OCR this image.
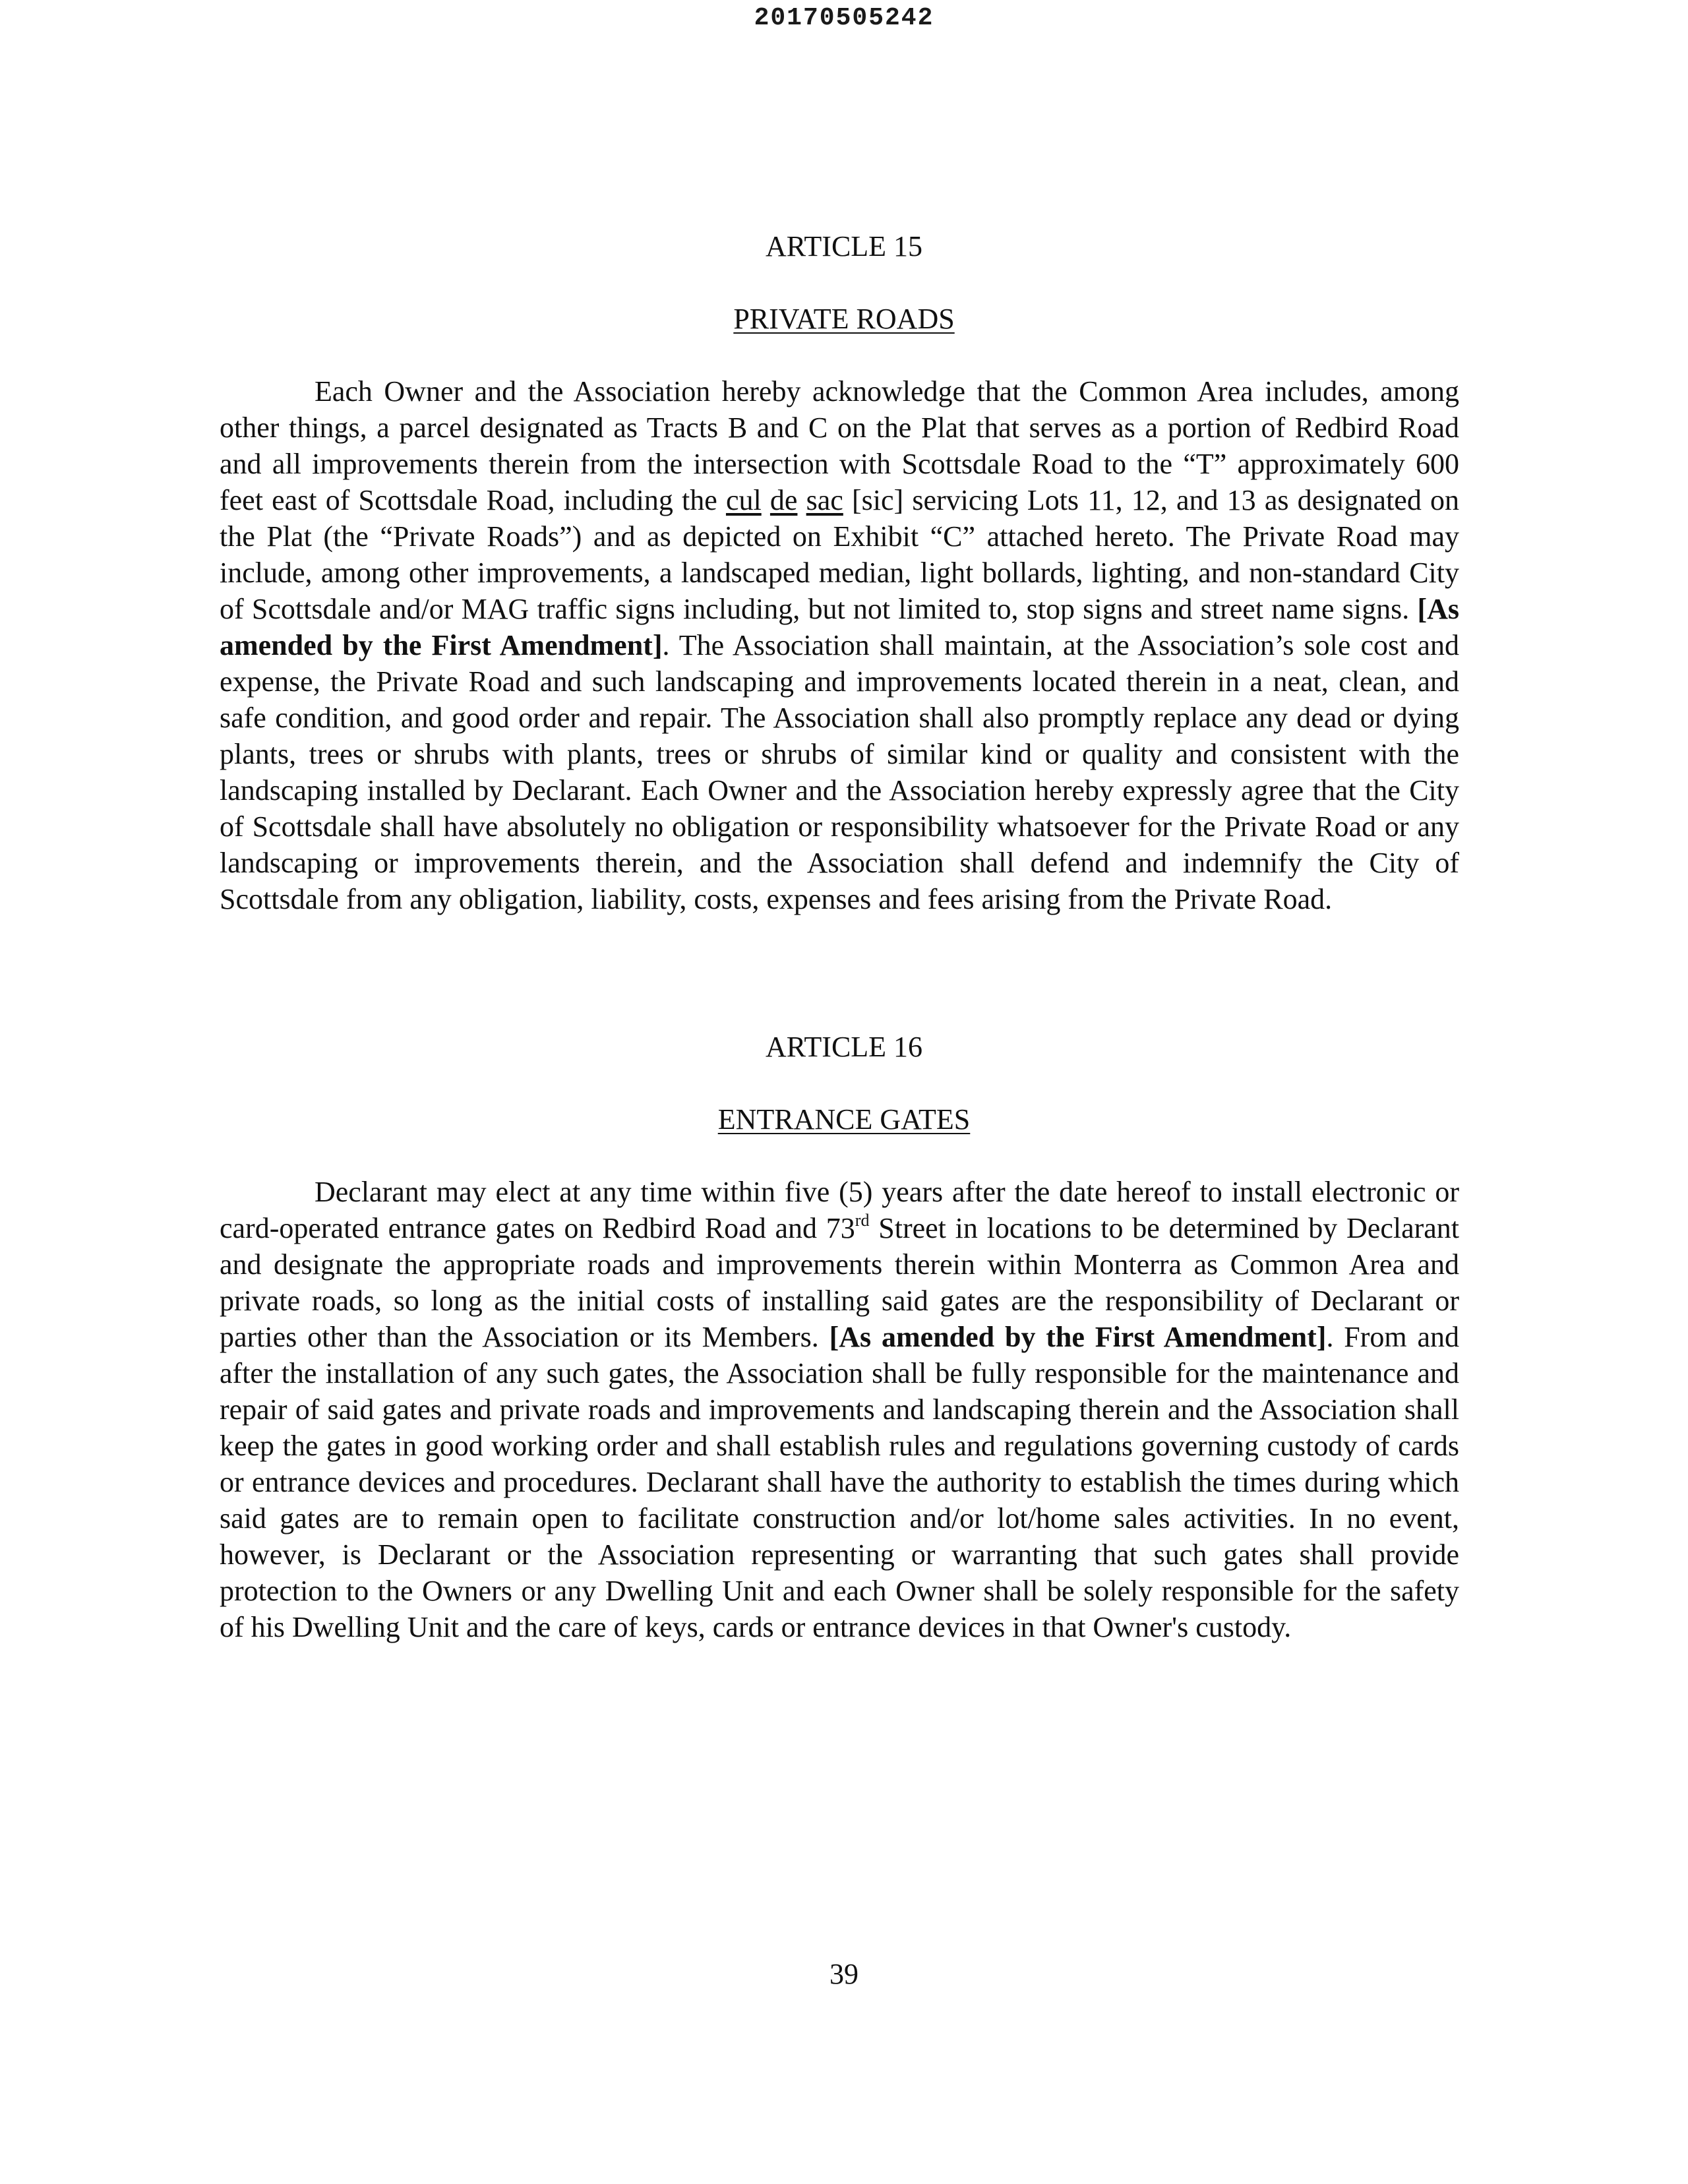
20170505242
ARTICLE 15
PRIVATE ROADS

Each Owner and the Association hereby acknowledge that the Common Area includes, among other things, a parcel designated as Tracts B and C on the Plat that serves as a portion of Redbird Road and all improvements therein from the intersection with Scottsdale Road to the “T” approximately 600 feet east of Scottsdale Road, including the cul de sac [sic] servicing Lots 11, 12, and 13 as designated on the Plat (the “Private Roads”) and as depicted on Exhibit “C” attached hereto. The Private Road may include, among other improvements, a landscaped median, light bollards, lighting, and non-standard City of Scottsdale and/or MAG traffic signs including, but not limited to, stop signs and street name signs. [As amended by the First Amendment]. The Association shall maintain, at the Association’s sole cost and expense, the Private Road and such landscaping and improvements located therein in a neat, clean, and safe condition, and good order and repair. The Association shall also promptly replace any dead or dying plants, trees or shrubs with plants, trees or shrubs of similar kind or quality and consistent with the landscaping installed by Declarant. Each Owner and the Association hereby expressly agree that the City of Scottsdale shall have absolutely no obligation or responsibility whatsoever for the Private Road or any landscaping or improvements therein, and the Association shall defend and indemnify the City of Scottsdale from any obligation, liability, costs, expenses and fees arising from the Private Road.

ARTICLE 16
ENTRANCE GATES

Declarant may elect at any time within five (5) years after the date hereof to install electronic or card-operated entrance gates on Redbird Road and 73rd Street in locations to be determined by Declarant and designate the appropriate roads and improvements therein within Monterra as Common Area and private roads, so long as the initial costs of installing said gates are the responsibility of Declarant or parties other than the Association or its Members. [As amended by the First Amendment]. From and after the installation of any such gates, the Association shall be fully responsible for the maintenance and repair of said gates and private roads and improvements and landscaping therein and the Association shall keep the gates in good working order and shall establish rules and regulations governing custody of cards or entrance devices and procedures. Declarant shall have the authority to establish the times during which said gates are to remain open to facilitate construction and/or lot/home sales activities. In no event, however, is Declarant or the Association representing or warranting that such gates shall provide protection to the Owners or any Dwelling Unit and each Owner shall be solely responsible for the safety of his Dwelling Unit and the care of keys, cards or entrance devices in that Owner's custody.

39
